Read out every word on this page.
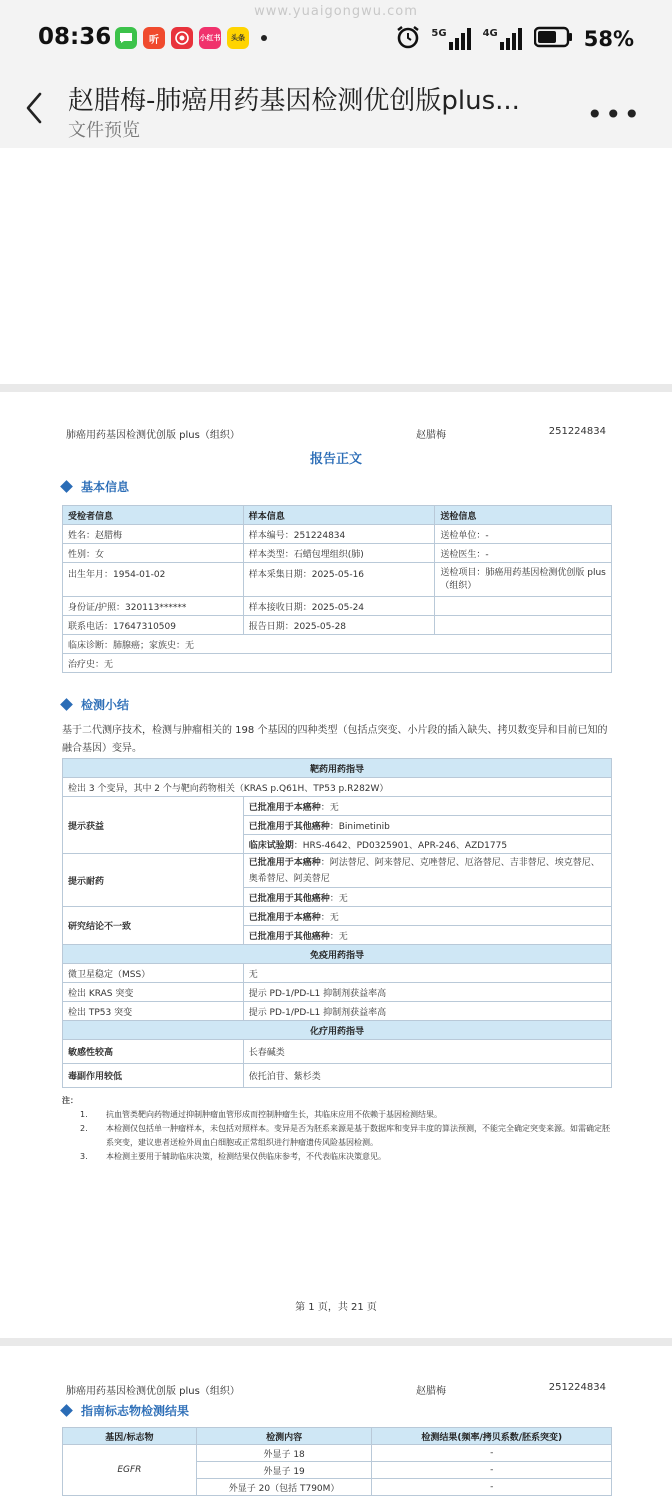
www.yuaigongwu.com
08:36	听	小红书	头条	5G	4G	58%
赵腊梅-肺癌用药基因检测优创版plus...
文件预览	•••
肺癌用药基因检测优创版 plus（组织）	赵腊梅	251224834
报告正文
基本信息
受检者信息	样本信息	送检信息
姓名：赵腊梅	样本编号：251224834	送检单位：-
性别：女	样本类型：石蜡包埋组织(肺)	送检医生：-
出生年月：1954-01-02	样本采集日期：2025-05-16	送检项目：肺癌用药基因检测优创版 plus（组织）
身份证/护照：320113******	样本接收日期：2025-05-24	
联系电话：17647310509	报告日期：2025-05-28	
临床诊断：肺腺癌；家族史：无		
治疗史：无		
检测小结
基于二代测序技术，检测与肿瘤相关的 198 个基因的四种类型（包括点突变、小片段的插入缺失、拷贝数变异和目前已知的融合基因）变异。
靶药用药指导	
检出 3 个变异，其中 2 个与靶向药物相关（KRAS p.Q61H、TP53 p.R282W）	
提示获益	已批准用于本癌种：无
	已批准用于其他癌种：Binimetinib
	临床试验期：HRS-4642、PD0325901、APR-246、AZD1775
提示耐药	已批准用于本癌种：阿法替尼、阿来替尼、克唑替尼、厄洛替尼、吉非替尼、埃克替尼、奥希替尼、阿美替尼
	已批准用于其他癌种：无
研究结论不一致	已批准用于本癌种：无
	已批准用于其他癌种：无
免疫用药指导	
微卫星稳定（MSS）	无
检出 KRAS 突变	提示 PD-1/PD-L1 抑制剂获益率高
检出 TP53 突变	提示 PD-1/PD-L1 抑制剂获益率高
化疗用药指导	
敏感性较高	长春碱类
毒副作用较低	依托泊苷、紫杉类
注：
1.	抗血管类靶向药物通过抑制肿瘤血管形成而控制肿瘤生长，其临床应用不依赖于基因检测结果。
2.	本检测仅包括单一肿瘤样本，未包括对照样本。变异是否为胚系来源是基于数据库和变异丰度的算法预测，不能完全确定突变来源。如需确定胚系突变，建议患者送检外周血白细胞或正常组织进行肿瘤遗传风险基因检测。
3.	本检测主要用于辅助临床决策，检测结果仅供临床参考，不代表临床决策意见。
第 1 页，共 21 页
肺癌用药基因检测优创版 plus（组织）	赵腊梅	251224834
指南标志物检测结果
基因/标志物	检测内容	检测结果(频率/拷贝系数/胚系突变)
EGFR	外显子 18	-
	外显子 19	-
	外显子 20（包括 T790M）	-
